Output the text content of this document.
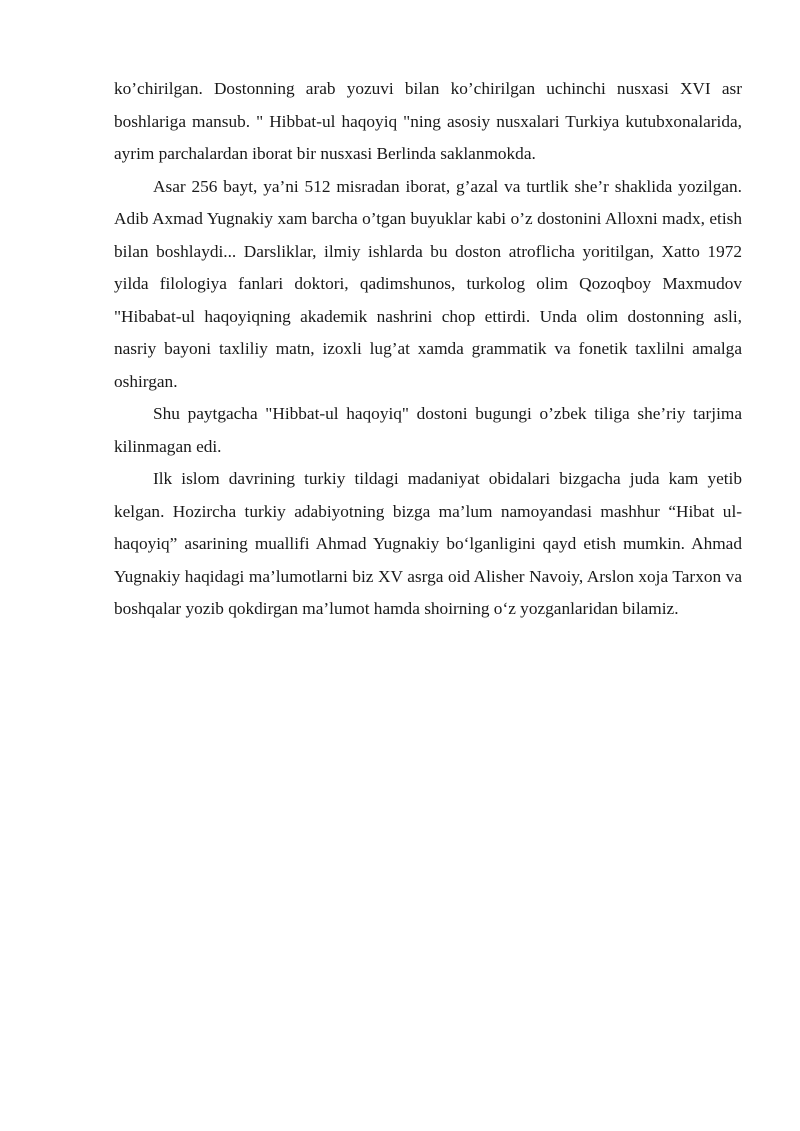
ko’chirilgan. Dostonning arab yozuvi bilan ko’chirilgan uchinchi nusxasi XVI asr boshlariga mansub. " Hibbat-ul haqoyiq "ning asosiy nusxalari Turkiya kutubxonalarida, ayrim parchalardan iborat bir nusxasi Berlinda saklanmokda.

Asar 256 bayt, ya’ni 512 misradan iborat, g’azal va turtlik she’r shaklida yozilgan. Adib Axmad Yugnakiy xam barcha o’tgan buyuklar kabi o’z dostonini Alloxni madx, etish bilan boshlaydi... Darsliklar, ilmiy ishlarda bu doston atroflicha yoritilgan, Xatto 1972 yilda filologiya fanlari doktori, qadimshunos, turkolog olim Qozoqboy Maxmudov "Hibabat-ul haqoyiqning akademik nashrini chop ettirdi. Unda olim dostonning asli, nasriy bayoni taxliliy matn, izoxli lug’at xamda grammatik va fonetik taxlilni amalga oshirgan.

Shu paytgacha "Hibbat-ul haqoyiq" dostoni bugungi o’zbek tiliga she’riy tarjima kilinmagan edi.

Ilk islom davrining turkiy tildagi madaniyat obidalari bizgacha juda kam yetib kelgan. Hozircha turkiy adabiyotning bizga ma’lum namoyandasi mashhur “Hibat ul-haqoyiq” asarining muallifi Ahmad Yugnakiy bo‘lganligini qayd etish mumkin. Ahmad Yugnakiy haqidagi ma’lumotlarni biz XV asrga oid Alisher Navoiy, Arslon xoja Tarxon va boshqalar yozib qokdirgan ma’lumot hamda shoirning o‘z yozganlaridan bilamiz.
